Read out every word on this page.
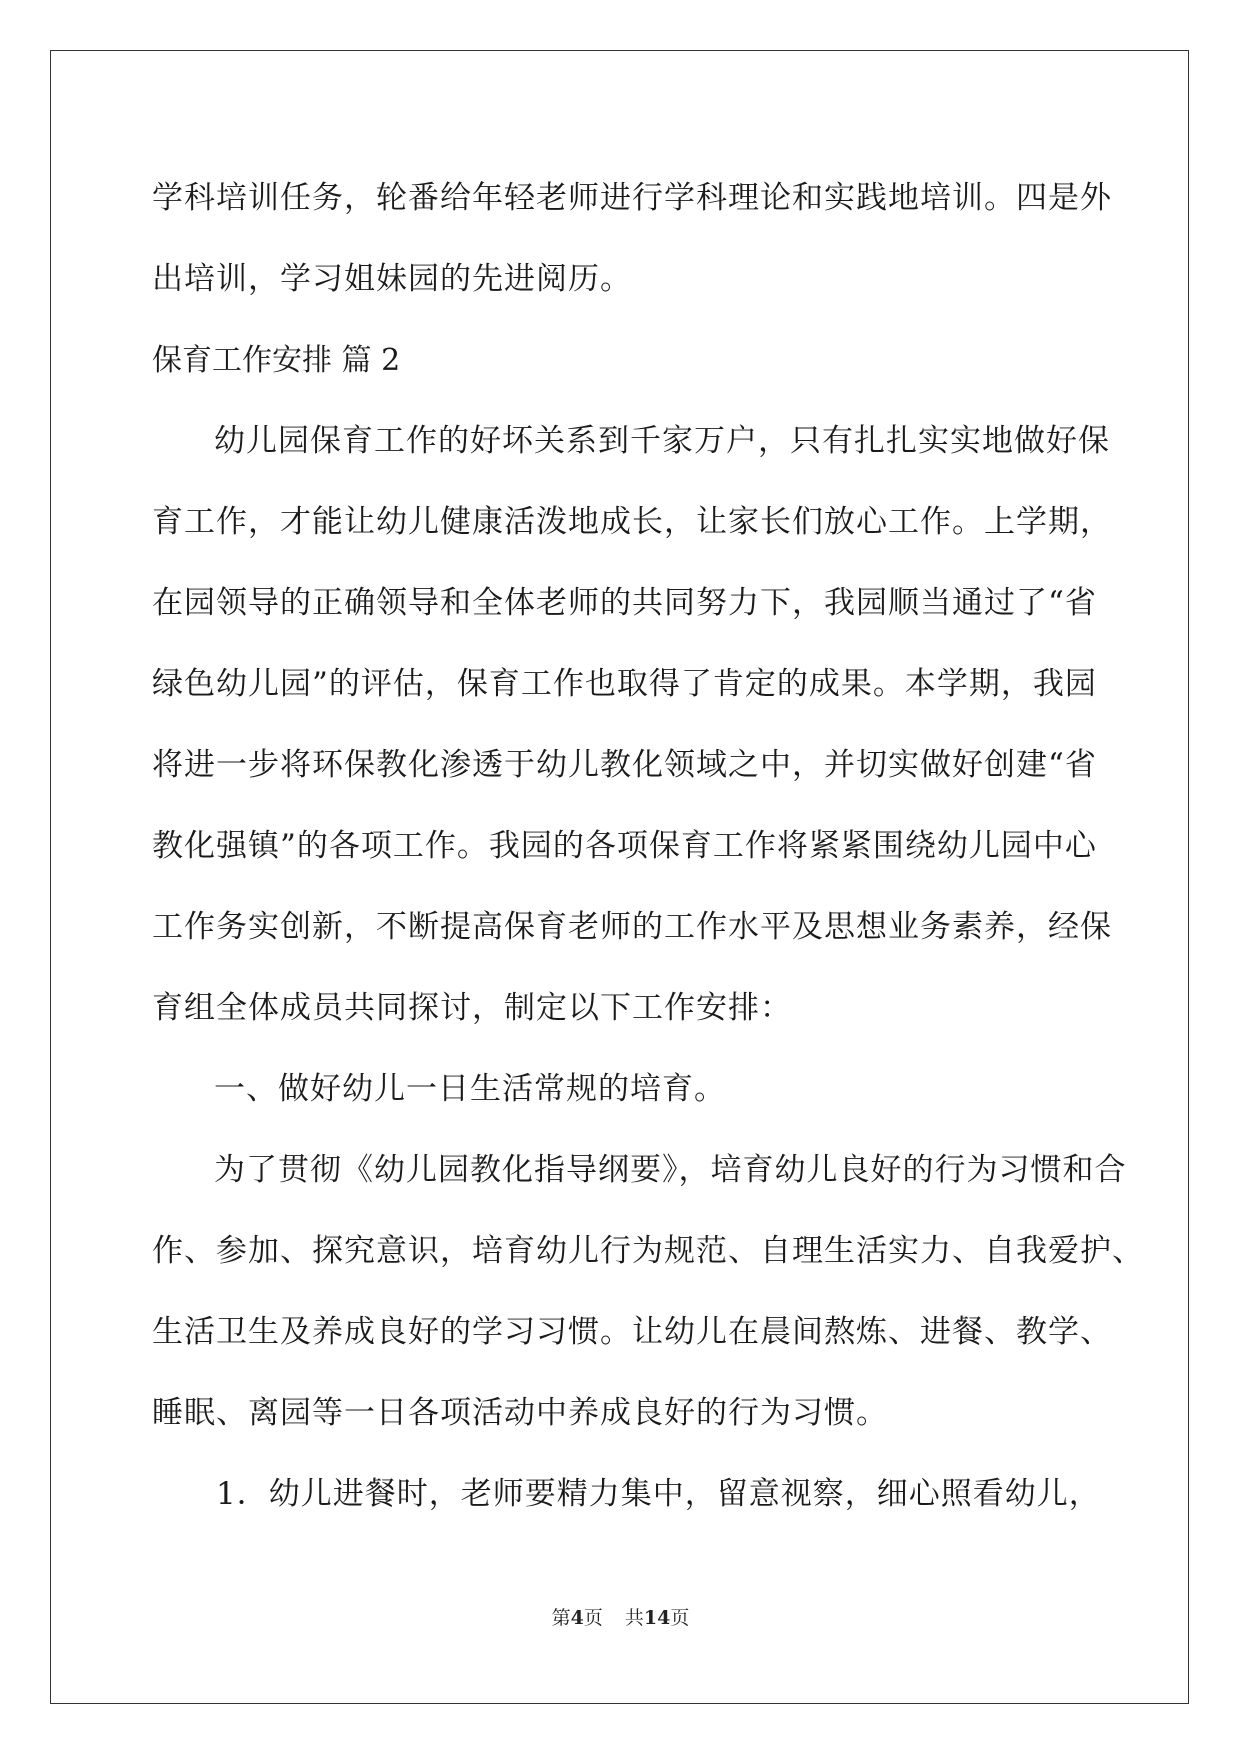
学科培训任务，轮番给年轻老师进行学科理论和实践地培训。四是外
出培训，学习姐妹园的先进阅历。
保育工作安排 篇 2
幼儿园保育工作的好坏关系到千家万户，只有扎扎实实地做好保
育工作，才能让幼儿健康活泼地成长，让家长们放心工作。上学期，
在园领导的正确领导和全体老师的共同努力下，我园顺当通过了“省
绿色幼儿园”的评估，保育工作也取得了肯定的成果。本学期，我园
将进一步将环保教化渗透于幼儿教化领域之中，并切实做好创建“省
教化强镇”的各项工作。我园的各项保育工作将紧紧围绕幼儿园中心
工作务实创新，不断提高保育老师的工作水平及思想业务素养，经保
育组全体成员共同探讨，制定以下工作安排：
一、做好幼儿一日生活常规的培育。
为了贯彻《幼儿园教化指导纲要》，培育幼儿良好的行为习惯和合
作、参加、探究意识，培育幼儿行为规范、自理生活实力、自我爱护、
生活卫生及养成良好的学习习惯。让幼儿在晨间熬炼、进餐、教学、
睡眠、离园等一日各项活动中养成良好的行为习惯。
1．幼儿进餐时，老师要精力集中，留意视察，细心照看幼儿，
第4页 共14页
